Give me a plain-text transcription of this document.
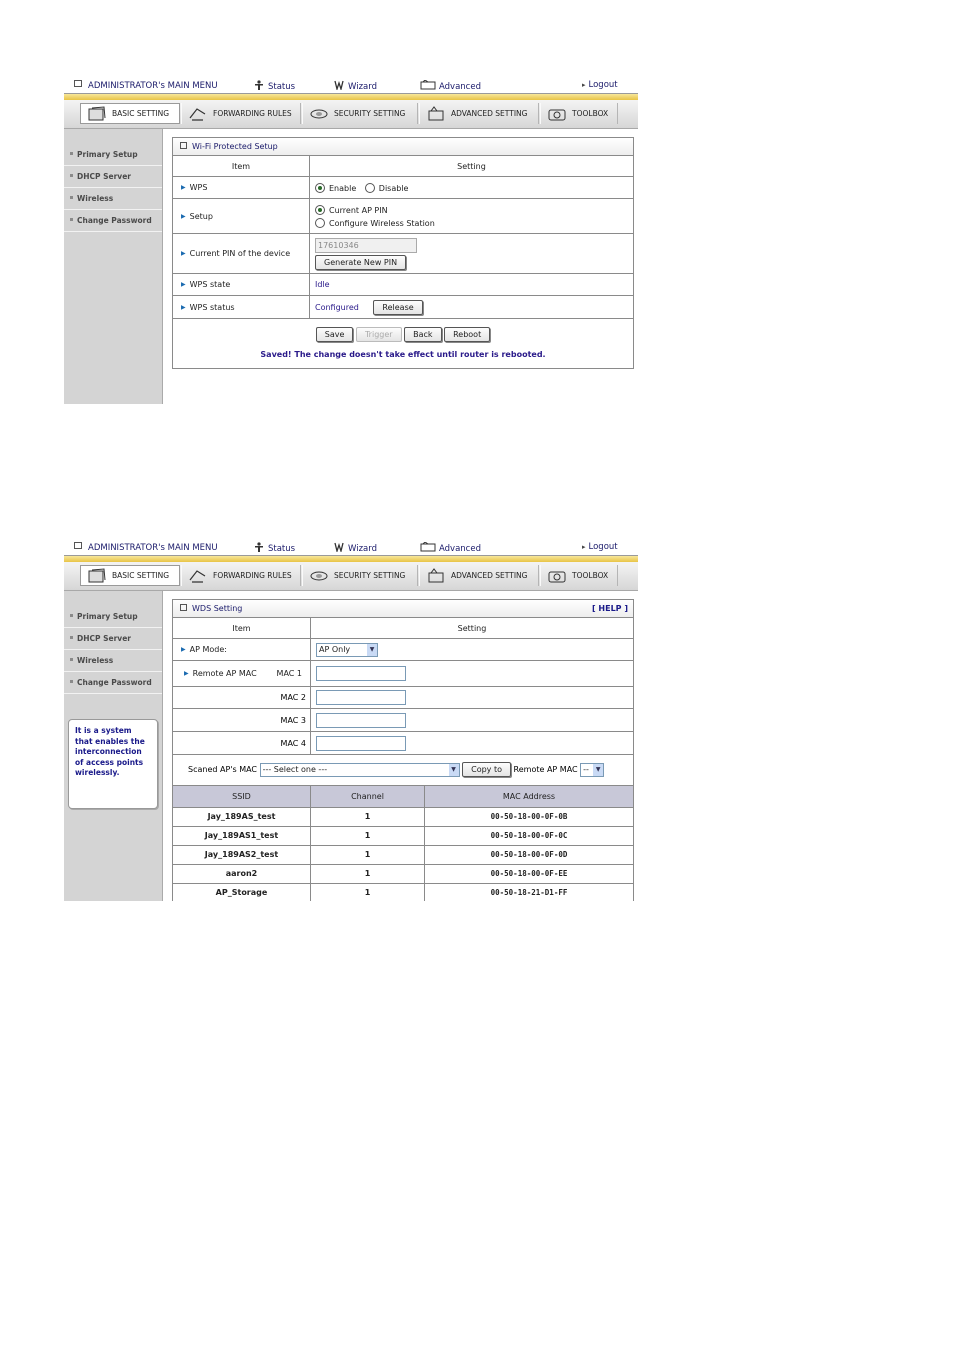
ADMINISTRATOR's MAIN MENU	Status	Wizard	Advanced	▸ Logout
BASIC SETTING	FORWARDING RULES	SECURITY SETTING	ADVANCED SETTING	TOOLBOX
Primary Setup
DHCP Server
Wireless
Change Password
Wi-Fi Protected Setup
Item	Setting
▶ WPS	Enable Disable
▶ Setup	Current AP PIN
Configure Wireless Station

▶ Current PIN of the device	17610346
Generate New PIN

▶ WPS state	Idle
▶ WPS status	Configured Release

Save Trigger Back Reboot
Saved! The change doesn't take effect until router is rebooted.	
ADMINISTRATOR's MAIN MENU	Status	Wizard	Advanced	▸ Logout
BASIC SETTING	FORWARDING RULES	SECURITY SETTING	ADVANCED SETTING	TOOLBOX
Primary Setup
DHCP Server
Wireless
Change Password
It is a system that enables the interconnection of access points wirelessly.
WDS Setting	[ HELP ]
Item	Setting
▶ AP Mode:	AP Only ▼

▶ Remote AP MAC MAC 1	

MAC 2	
MAC 3	
MAC 4	
Scaned AP's MAC --- Select one --- ▼ Copy to Remote AP MAC -- ▼	
SSID	Channel	MAC Address
Jay_189AS_test	1	00-50-18-00-0F-0B
Jay_189AS1_test	1	00-50-18-00-0F-0C
Jay_189AS2_test	1	00-50-18-00-0F-0D
aaron2	1	00-50-18-00-0F-EE
AP_Storage	1	00-50-18-21-D1-FF
